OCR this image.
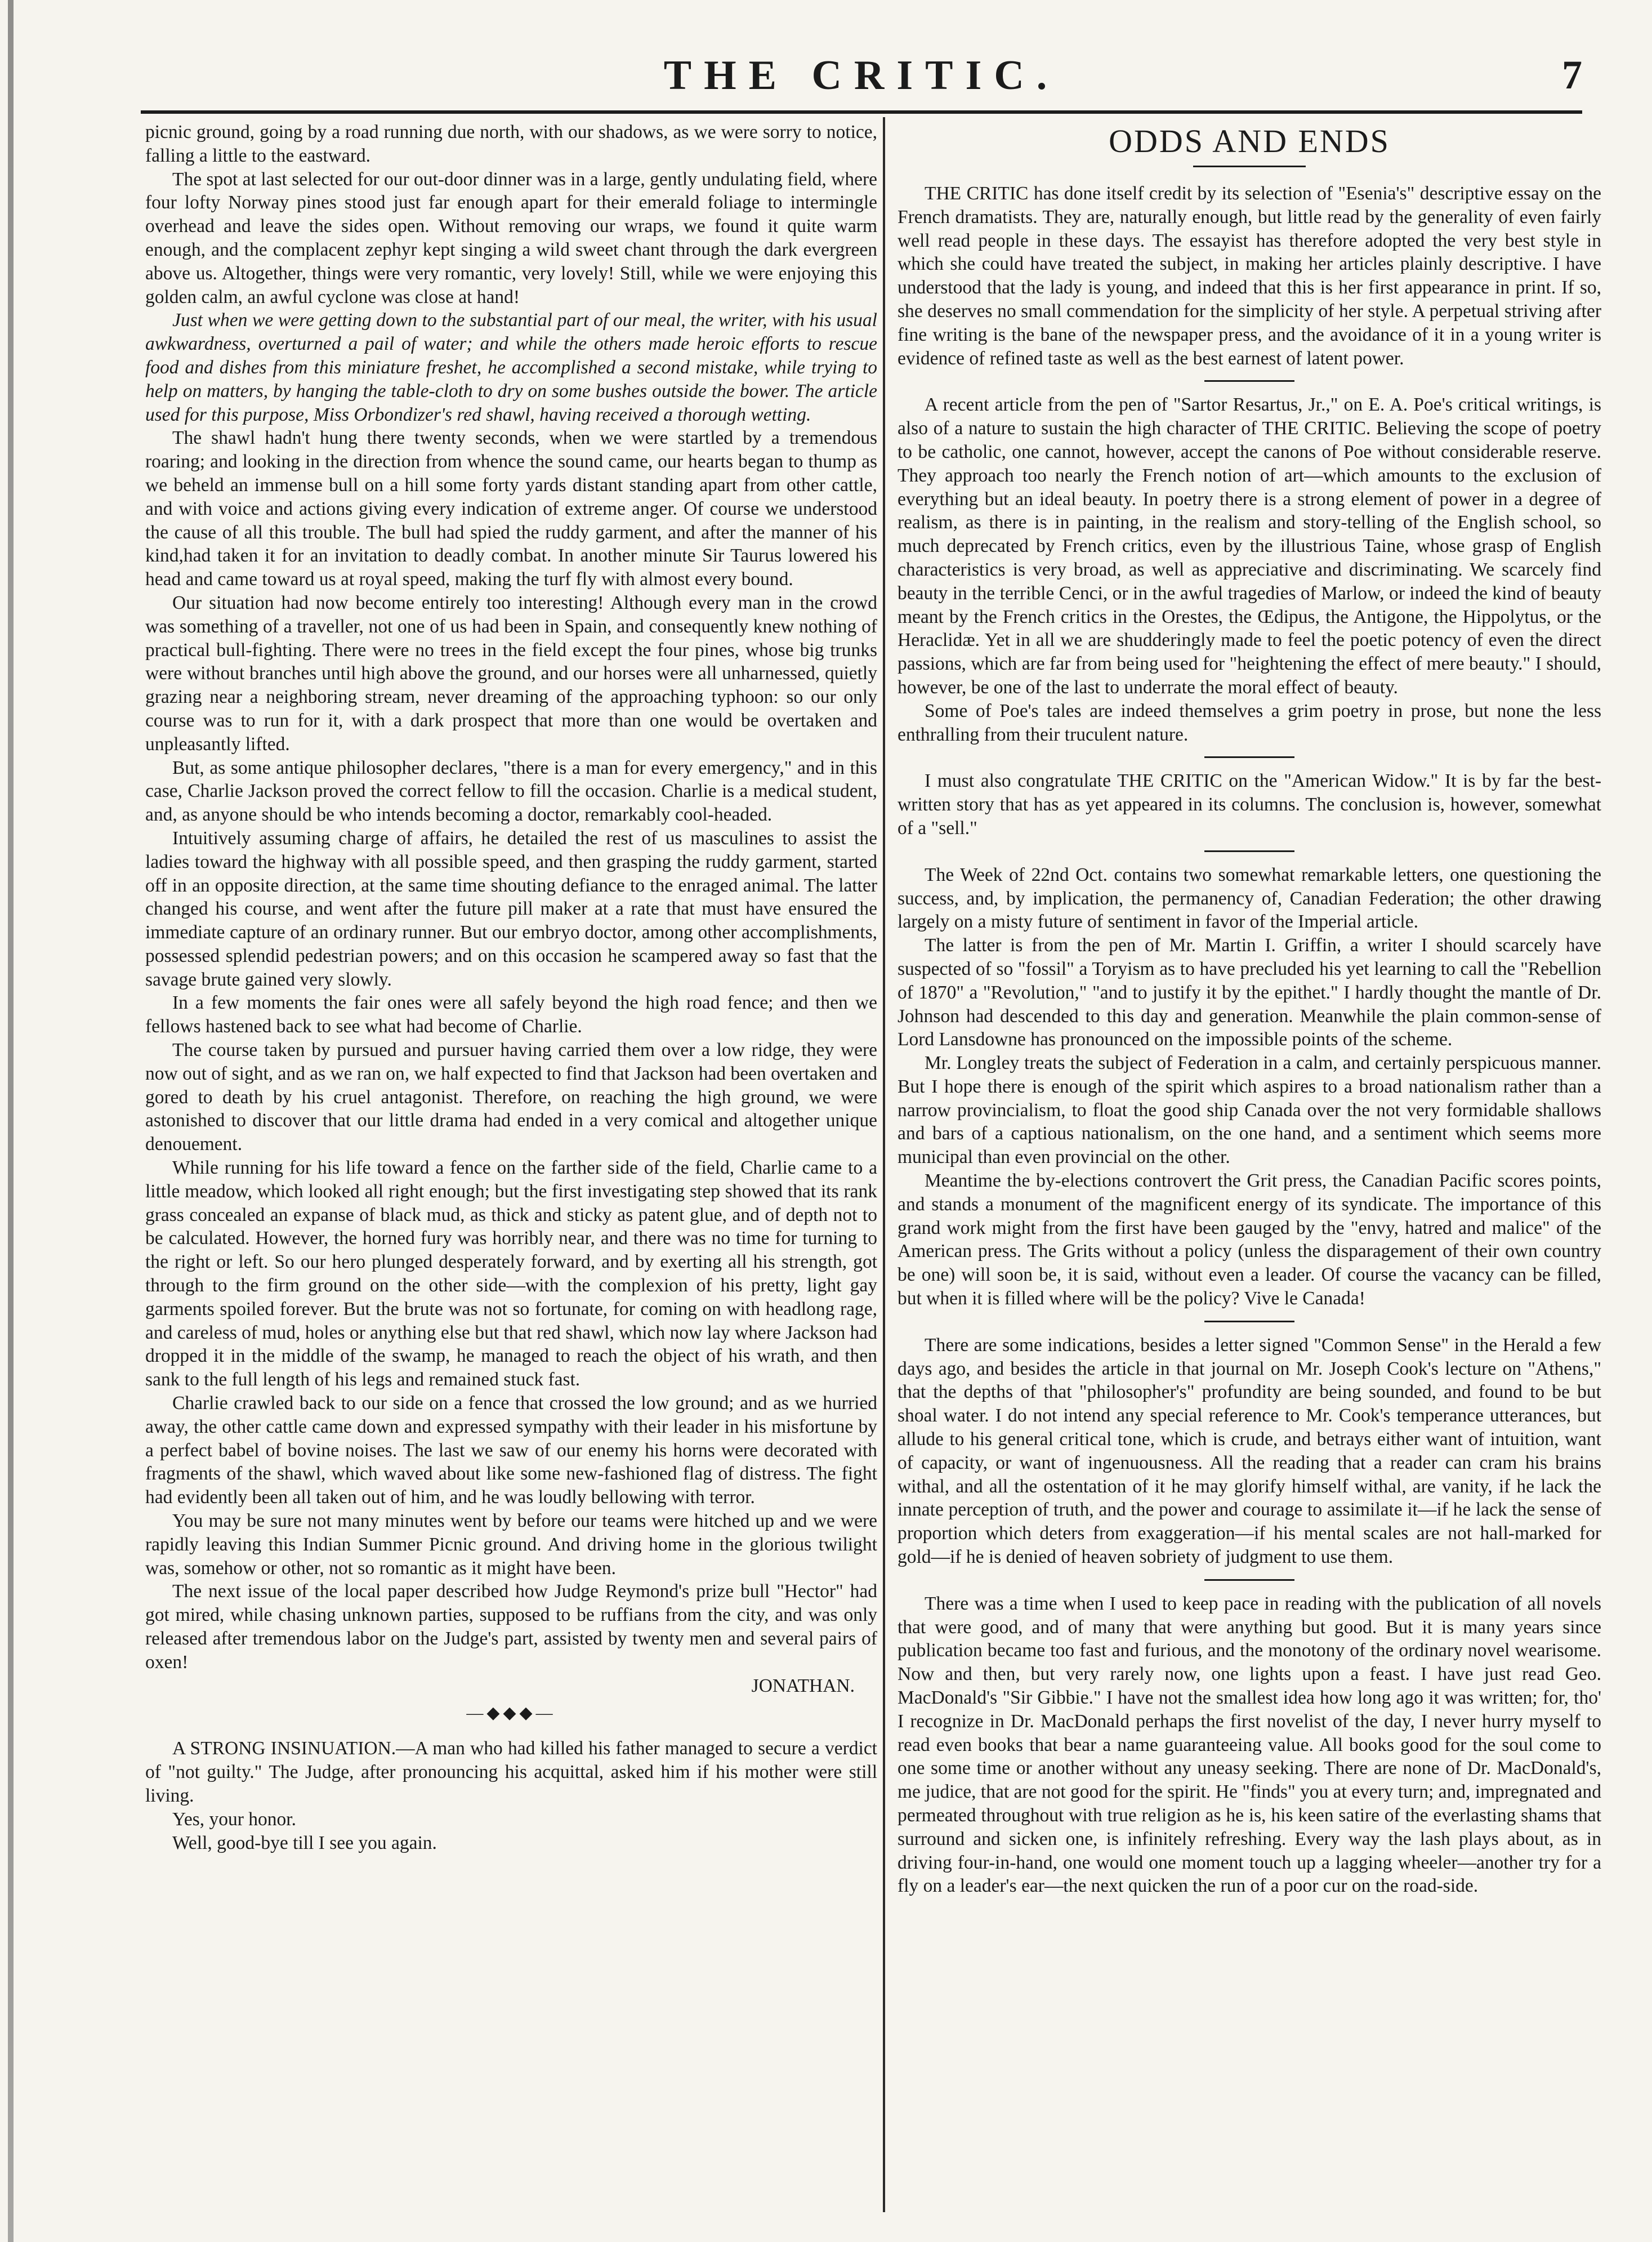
THE CRITIC.	7

picnic ground, going by a road running due north, with our shadows, as we were sorry to notice, falling a little to the eastward.

The spot at last selected for our out-door dinner was in a large, gently undulating field, where four lofty Norway pines stood just far enough apart for their emerald foliage to intermingle overhead and leave the sides open. Without removing our wraps, we found it quite warm enough, and the complacent zephyr kept singing a wild sweet chant through the dark evergreen above us. Altogether, things were very romantic, very lovely! Still, while we were enjoying this golden calm, an awful cyclone was close at hand!

Just when we were getting down to the substantial part of our meal, the writer, with his usual awkwardness, overturned a pail of water; and while the others made heroic efforts to rescue food and dishes from this miniature freshet, he accomplished a second mistake, while trying to help on matters, by hanging the table-cloth to dry on some bushes outside the bower. The article used for this purpose, Miss Orbondizer's red shawl, having received a thorough wetting.

The shawl hadn't hung there twenty seconds, when we were startled by a tremendous roaring; and looking in the direction from whence the sound came, our hearts began to thump as we beheld an immense bull on a hill some forty yards distant standing apart from other cattle, and with voice and actions giving every indication of extreme anger. Of course we understood the cause of all this trouble. The bull had spied the ruddy garment, and after the manner of his kind,had taken it for an invitation to deadly combat. In another minute Sir Taurus lowered his head and came toward us at royal speed, making the turf fly with almost every bound.

Our situation had now become entirely too interesting! Although every man in the crowd was something of a traveller, not one of us had been in Spain, and consequently knew nothing of practical bull-fighting. There were no trees in the field except the four pines, whose big trunks were without branches until high above the ground, and our horses were all unharnessed, quietly grazing near a neighboring stream, never dreaming of the approaching typhoon: so our only course was to run for it, with a dark prospect that more than one would be overtaken and unpleasantly lifted.

But, as some antique philosopher declares, "there is a man for every emergency," and in this case, Charlie Jackson proved the correct fellow to fill the occasion. Charlie is a medical student, and, as anyone should be who intends becoming a doctor, remarkably cool-headed.

Intuitively assuming charge of affairs, he detailed the rest of us masculines to assist the ladies toward the highway with all possible speed, and then grasping the ruddy garment, started off in an opposite direction, at the same time shouting defiance to the enraged animal. The latter changed his course, and went after the future pill maker at a rate that must have ensured the immediate capture of an ordinary runner. But our embryo doctor, among other accomplishments, possessed splendid pedestrian powers; and on this occasion he scampered away so fast that the savage brute gained very slowly.

In a few moments the fair ones were all safely beyond the high road fence; and then we fellows hastened back to see what had become of Charlie.

The course taken by pursued and pursuer having carried them over a low ridge, they were now out of sight, and as we ran on, we half expected to find that Jackson had been overtaken and gored to death by his cruel antagonist. Therefore, on reaching the high ground, we were astonished to discover that our little drama had ended in a very comical and altogether unique denouement.

While running for his life toward a fence on the farther side of the field, Charlie came to a little meadow, which looked all right enough; but the first investigating step showed that its rank grass concealed an expanse of black mud, as thick and sticky as patent glue, and of depth not to be calculated. However, the horned fury was horribly near, and there was no time for turning to the right or left. So our hero plunged desperately forward, and by exerting all his strength, got through to the firm ground on the other side—with the complexion of his pretty, light gay garments spoiled forever. But the brute was not so fortunate, for coming on with headlong rage, and careless of mud, holes or anything else but that red shawl, which now lay where Jackson had dropped it in the middle of the swamp, he managed to reach the object of his wrath, and then sank to the full length of his legs and remained stuck fast.

Charlie crawled back to our side on a fence that crossed the low ground; and as we hurried away, the other cattle came down and expressed sympathy with their leader in his misfortune by a perfect babel of bovine noises. The last we saw of our enemy his horns were decorated with fragments of the shawl, which waved about like some new-fashioned flag of distress. The fight had evidently been all taken out of him, and he was loudly bellowing with terror.

You may be sure not many minutes went by before our teams were hitched up and we were rapidly leaving this Indian Summer Picnic ground. And driving home in the glorious twilight was, somehow or other, not so romantic as it might have been.

The next issue of the local paper described how Judge Reymond's prize bull "Hector" had got mired, while chasing unknown parties, supposed to be ruffians from the city, and was only released after tremendous labor on the Judge's part, assisted by twenty men and several pairs of oxen!

JONATHAN.

—◆◆◆—

A STRONG INSINUATION.—A man who had killed his father managed to secure a verdict of "not guilty." The Judge, after pronouncing his acquittal, asked him if his mother were still living.

Yes, your honor.

Well, good-bye till I see you again.

ODDS AND ENDS

THE CRITIC has done itself credit by its selection of "Esenia's" descriptive essay on the French dramatists. They are, naturally enough, but little read by the generality of even fairly well read people in these days. The essayist has therefore adopted the very best style in which she could have treated the subject, in making her articles plainly descriptive. I have understood that the lady is young, and indeed that this is her first appearance in print. If so, she deserves no small commendation for the simplicity of her style. A perpetual striving after fine writing is the bane of the newspaper press, and the avoidance of it in a young writer is evidence of refined taste as well as the best earnest of latent power.

A recent article from the pen of "Sartor Resartus, Jr.," on E. A. Poe's critical writings, is also of a nature to sustain the high character of THE CRITIC. Believing the scope of poetry to be catholic, one cannot, however, accept the canons of Poe without considerable reserve. They approach too nearly the French notion of art—which amounts to the exclusion of everything but an ideal beauty. In poetry there is a strong element of power in a degree of realism, as there is in painting, in the realism and story-telling of the English school, so much deprecated by French critics, even by the illustrious Taine, whose grasp of English characteristics is very broad, as well as appreciative and discriminating. We scarcely find beauty in the terrible Cenci, or in the awful tragedies of Marlow, or indeed the kind of beauty meant by the French critics in the Orestes, the Œdipus, the Antigone, the Hippolytus, or the Heraclidæ. Yet in all we are shudderingly made to feel the poetic potency of even the direct passions, which are far from being used for "heightening the effect of mere beauty." I should, however, be one of the last to underrate the moral effect of beauty.

Some of Poe's tales are indeed themselves a grim poetry in prose, but none the less enthralling from their truculent nature.

I must also congratulate THE CRITIC on the "American Widow." It is by far the best-written story that has as yet appeared in its columns. The conclusion is, however, somewhat of a "sell."

The Week of 22nd Oct. contains two somewhat remarkable letters, one questioning the success, and, by implication, the permanency of, Canadian Federation; the other drawing largely on a misty future of sentiment in favor of the Imperial article.

The latter is from the pen of Mr. Martin I. Griffin, a writer I should scarcely have suspected of so "fossil" a Toryism as to have precluded his yet learning to call the "Rebellion of 1870" a "Revolution," "and to justify it by the epithet." I hardly thought the mantle of Dr. Johnson had descended to this day and generation. Meanwhile the plain common-sense of Lord Lansdowne has pronounced on the impossible points of the scheme.

Mr. Longley treats the subject of Federation in a calm, and certainly perspicuous manner. But I hope there is enough of the spirit which aspires to a broad nationalism rather than a narrow provincialism, to float the good ship Canada over the not very formidable shallows and bars of a captious nationalism, on the one hand, and a sentiment which seems more municipal than even provincial on the other.

Meantime the by-elections controvert the Grit press, the Canadian Pacific scores points, and stands a monument of the magnificent energy of its syndicate. The importance of this grand work might from the first have been gauged by the "envy, hatred and malice" of the American press. The Grits without a policy (unless the disparagement of their own country be one) will soon be, it is said, without even a leader. Of course the vacancy can be filled, but when it is filled where will be the policy? Vive le Canada!

There are some indications, besides a letter signed "Common Sense" in the Herald a few days ago, and besides the article in that journal on Mr. Joseph Cook's lecture on "Athens," that the depths of that "philosopher's" profundity are being sounded, and found to be but shoal water. I do not intend any special reference to Mr. Cook's temperance utterances, but allude to his general critical tone, which is crude, and betrays either want of intuition, want of capacity, or want of ingenuousness. All the reading that a reader can cram his brains withal, and all the ostentation of it he may glorify himself withal, are vanity, if he lack the innate perception of truth, and the power and courage to assimilate it—if he lack the sense of proportion which deters from exaggeration—if his mental scales are not hall-marked for gold—if he is denied of heaven sobriety of judgment to use them.

There was a time when I used to keep pace in reading with the publication of all novels that were good, and of many that were anything but good. But it is many years since publication became too fast and furious, and the monotony of the ordinary novel wearisome. Now and then, but very rarely now, one lights upon a feast. I have just read Geo. MacDonald's "Sir Gibbie." I have not the smallest idea how long ago it was written; for, tho' I recognize in Dr. MacDonald perhaps the first novelist of the day, I never hurry myself to read even books that bear a name guaranteeing value. All books good for the soul come to one some time or another without any uneasy seeking. There are none of Dr. MacDonald's, me judice, that are not good for the spirit. He "finds" you at every turn; and, impregnated and permeated throughout with true religion as he is, his keen satire of the everlasting shams that surround and sicken one, is infinitely refreshing. Every way the lash plays about, as in driving four-in-hand, one would one moment touch up a lagging wheeler—another try for a fly on a leader's ear—the next quicken the run of a poor cur on the road-side.
